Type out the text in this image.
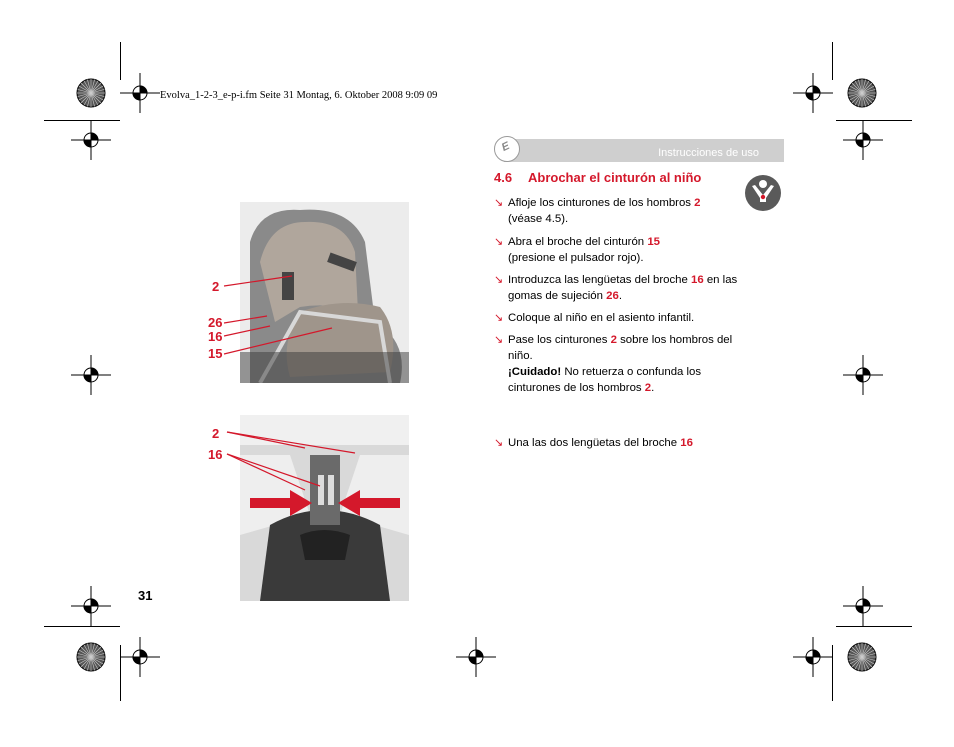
Evolva_1-2-3_e-p-i.fm Seite 31 Montag, 6. Oktober 2008 9:09 09
Instrucciones de uso
E
4.6 Abrochar el cinturón al niño
↘ Afloje los cinturones de los hombros 2
(véase 4.5).
↘ Abra el broche del cinturón 15
(presione el pulsador rojo).
↘ Introduzca las lengüetas del broche 16 en las
gomas de sujeción 26.
↘ Coloque al niño en el asiento infantil.
↘ Pase los cinturones 2 sobre los hombros del
niño.
¡Cuidado! No retuerza o confunda los
cinturones de los hombros 2.
↘ Una las dos lengüetas del broche 16
2
26
16
15
2
16
31
